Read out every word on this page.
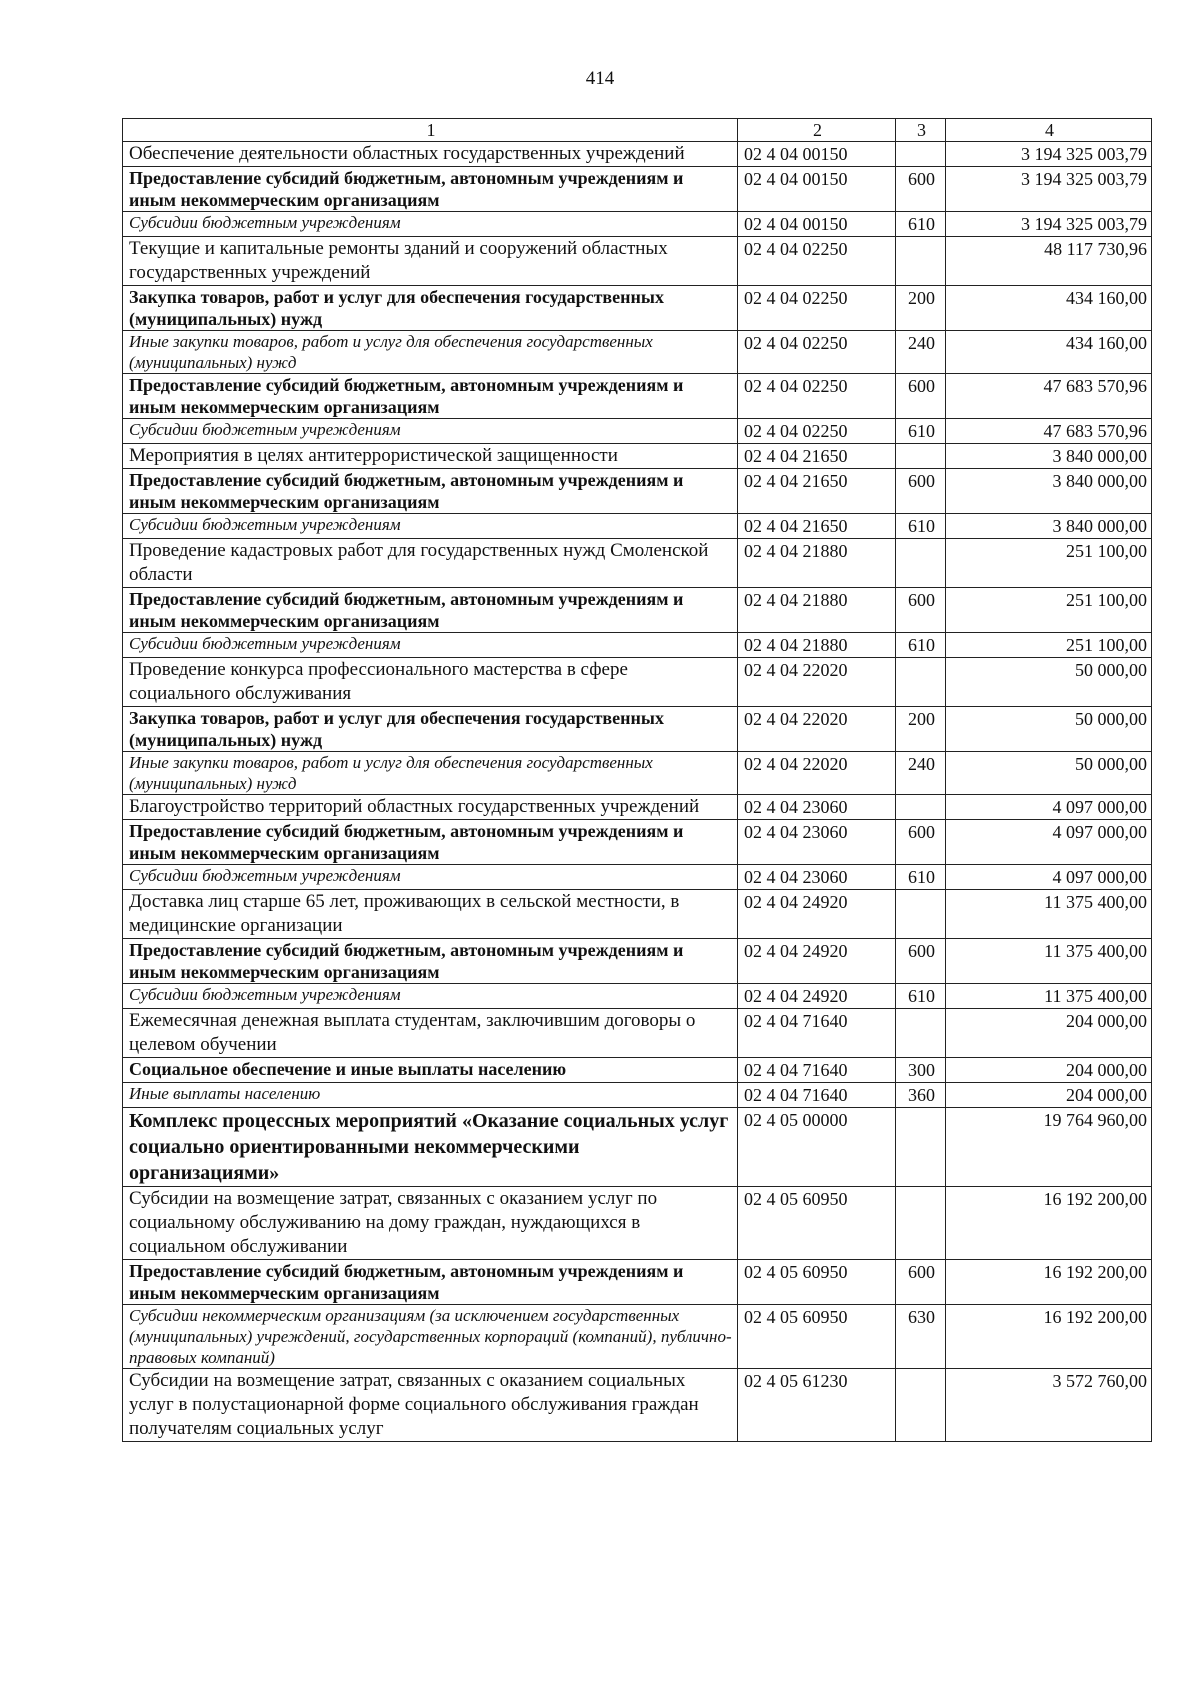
414
1	2	3	4
Обеспечение деятельности областных государственных учреждений	02 4 04 00150		3 194 325 003,79
Предоставление субсидий бюджетным, автономным учреждениям и иным некоммерческим организациям	02 4 04 00150	600	3 194 325 003,79
Субсидии бюджетным учреждениям	02 4 04 00150	610	3 194 325 003,79
Текущие и капитальные ремонты зданий и сооружений областных государственных учреждений	02 4 04 02250		48 117 730,96
Закупка товаров, работ и услуг для обеспечения государственных (муниципальных) нужд	02 4 04 02250	200	434 160,00
Иные закупки товаров, работ и услуг для обеспечения государственных (муниципальных) нужд	02 4 04 02250	240	434 160,00
Предоставление субсидий бюджетным, автономным учреждениям и иным некоммерческим организациям	02 4 04 02250	600	47 683 570,96
Субсидии бюджетным учреждениям	02 4 04 02250	610	47 683 570,96
Мероприятия в целях антитеррористической защищенности	02 4 04 21650		3 840 000,00
Предоставление субсидий бюджетным, автономным учреждениям и иным некоммерческим организациям	02 4 04 21650	600	3 840 000,00
Субсидии бюджетным учреждениям	02 4 04 21650	610	3 840 000,00
Проведение кадастровых работ для государственных нужд Смоленской области	02 4 04 21880		251 100,00
Предоставление субсидий бюджетным, автономным учреждениям и иным некоммерческим организациям	02 4 04 21880	600	251 100,00
Субсидии бюджетным учреждениям	02 4 04 21880	610	251 100,00
Проведение конкурса профессионального мастерства в сфере социального обслуживания	02 4 04 22020		50 000,00
Закупка товаров, работ и услуг для обеспечения государственных (муниципальных) нужд	02 4 04 22020	200	50 000,00
Иные закупки товаров, работ и услуг для обеспечения государственных (муниципальных) нужд	02 4 04 22020	240	50 000,00
Благоустройство территорий областных государственных учреждений	02 4 04 23060		4 097 000,00
Предоставление субсидий бюджетным, автономным учреждениям и иным некоммерческим организациям	02 4 04 23060	600	4 097 000,00
Субсидии бюджетным учреждениям	02 4 04 23060	610	4 097 000,00
Доставка лиц старше 65 лет, проживающих в сельской местности, в медицинские организации	02 4 04 24920		11 375 400,00
Предоставление субсидий бюджетным, автономным учреждениям и иным некоммерческим организациям	02 4 04 24920	600	11 375 400,00
Субсидии бюджетным учреждениям	02 4 04 24920	610	11 375 400,00
Ежемесячная денежная выплата студентам, заключившим договоры о целевом обучении	02 4 04 71640		204 000,00
Социальное обеспечение и иные выплаты населению	02 4 04 71640	300	204 000,00
Иные выплаты населению	02 4 04 71640	360	204 000,00
Комплекс процессных мероприятий «Оказание социальных услуг социально ориентированными некоммерческими организациями»	02 4 05 00000		19 764 960,00
Субсидии на возмещение затрат, связанных с оказанием услуг по социальному обслуживанию на дому граждан, нуждающихся в социальном обслуживании	02 4 05 60950		16 192 200,00
Предоставление субсидий бюджетным, автономным учреждениям и иным некоммерческим организациям	02 4 05 60950	600	16 192 200,00
Субсидии некоммерческим организациям (за исключением государственных (муниципальных) учреждений, государственных корпораций (компаний), публично-правовых компаний)	02 4 05 60950	630	16 192 200,00
Субсидии на возмещение затрат, связанных с оказанием социальных услуг в полустационарной форме социального обслуживания граждан получателям социальных услуг	02 4 05 61230		3 572 760,00
